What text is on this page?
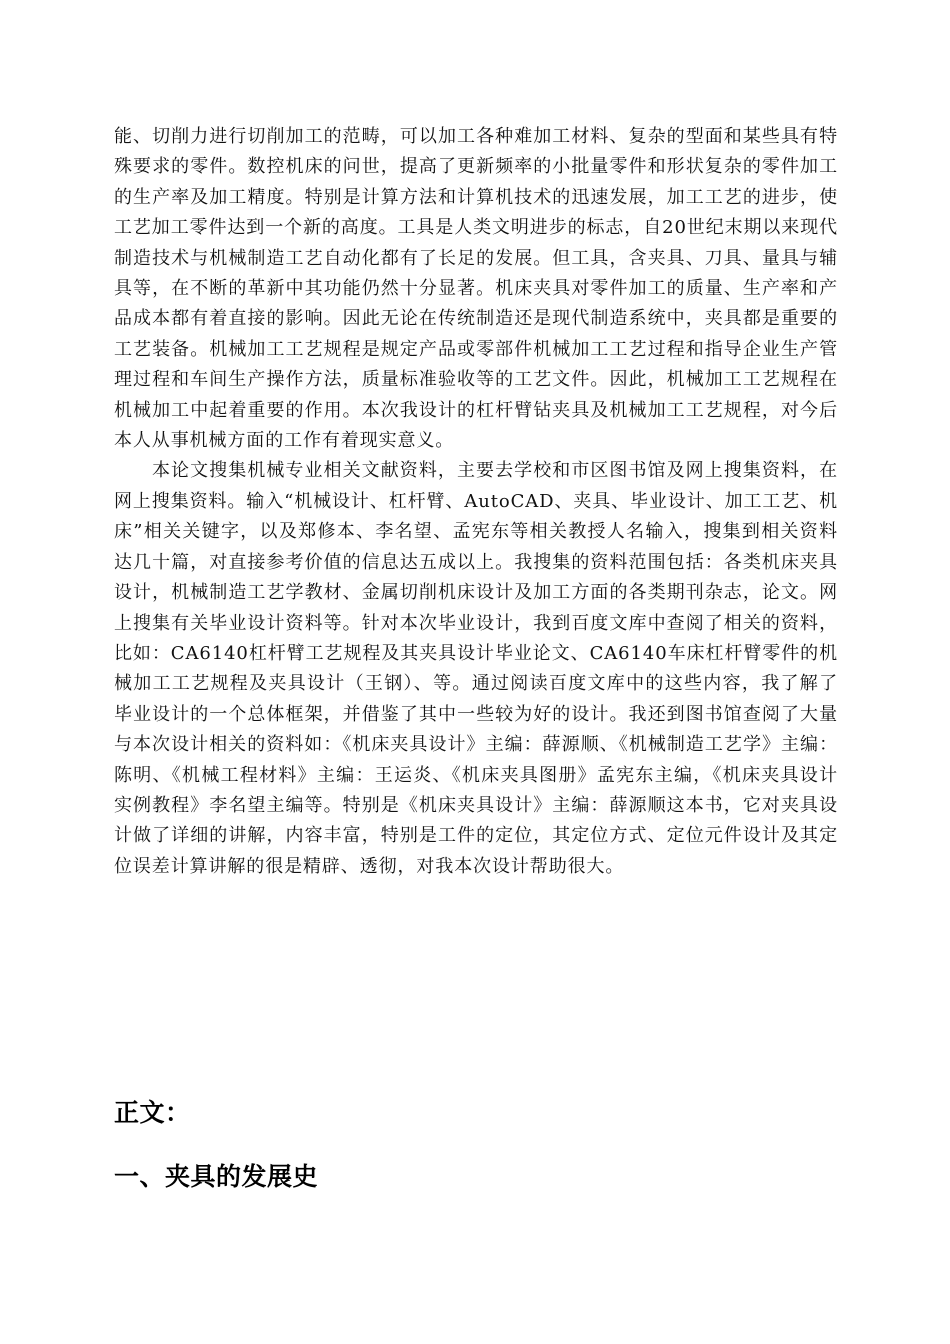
能、切削力进行切削加工的范畴，可以加工各种难加工材料、复杂的型面和某些具有特殊要求的零件。数控机床的问世，提高了更新频率的小批量零件和形状复杂的零件加工的生产率及加工精度。特别是计算方法和计算机技术的迅速发展，加工工艺的进步，使工艺加工零件达到一个新的高度。工具是人类文明进步的标志，自20世纪末期以来现代制造技术与机械制造工艺自动化都有了长足的发展。但工具，含夹具、刀具、量具与辅具等，在不断的革新中其功能仍然十分显著。机床夹具对零件加工的质量、生产率和产品成本都有着直接的影响。因此无论在传统制造还是现代制造系统中，夹具都是重要的工艺装备。机械加工工艺规程是规定产品或零部件机械加工工艺过程和指导企业生产管理过程和车间生产操作方法，质量标准验收等的工艺文件。因此，机械加工工艺规程在机械加工中起着重要的作用。本次我设计的杠杆臂钻夹具及机械加工工艺规程，对今后本人从事机械方面的工作有着现实意义。

本论文搜集机械专业相关文献资料，主要去学校和市区图书馆及网上搜集资料，在网上搜集资料。输入“机械设计、杠杆臂、AutoCAD、夹具、毕业设计、加工工艺、机床”相关关键字，以及郑修本、李名望、孟宪东等相关教授人名输入，搜集到相关资料达几十篇，对直接参考价值的信息达五成以上。我搜集的资料范围包括：各类机床夹具设计，机械制造工艺学教材、金属切削机床设计及加工方面的各类期刊杂志，论文。网上搜集有关毕业设计资料等。针对本次毕业设计，我到百度文库中查阅了相关的资料，比如：CA6140杠杆臂工艺规程及其夹具设计毕业论文、CA6140车床杠杆臂零件的机械加工工艺规程及夹具设计（王钢）、等。通过阅读百度文库中的这些内容，我了解了毕业设计的一个总体框架，并借鉴了其中一些较为好的设计。我还到图书馆查阅了大量与本次设计相关的资料如：《机床夹具设计》主编：薛源顺、《机械制造工艺学》主编：陈明、《机械工程材料》主编：王运炎、《机床夹具图册》孟宪东主编，《机床夹具设计实例教程》李名望主编等。特别是《机床夹具设计》主编：薛源顺这本书，它对夹具设计做了详细的讲解，内容丰富，特别是工件的定位，其定位方式、定位元件设计及其定位误差计算讲解的很是精辟、透彻，对我本次设计帮助很大。

正文：
一、夹具的发展史
